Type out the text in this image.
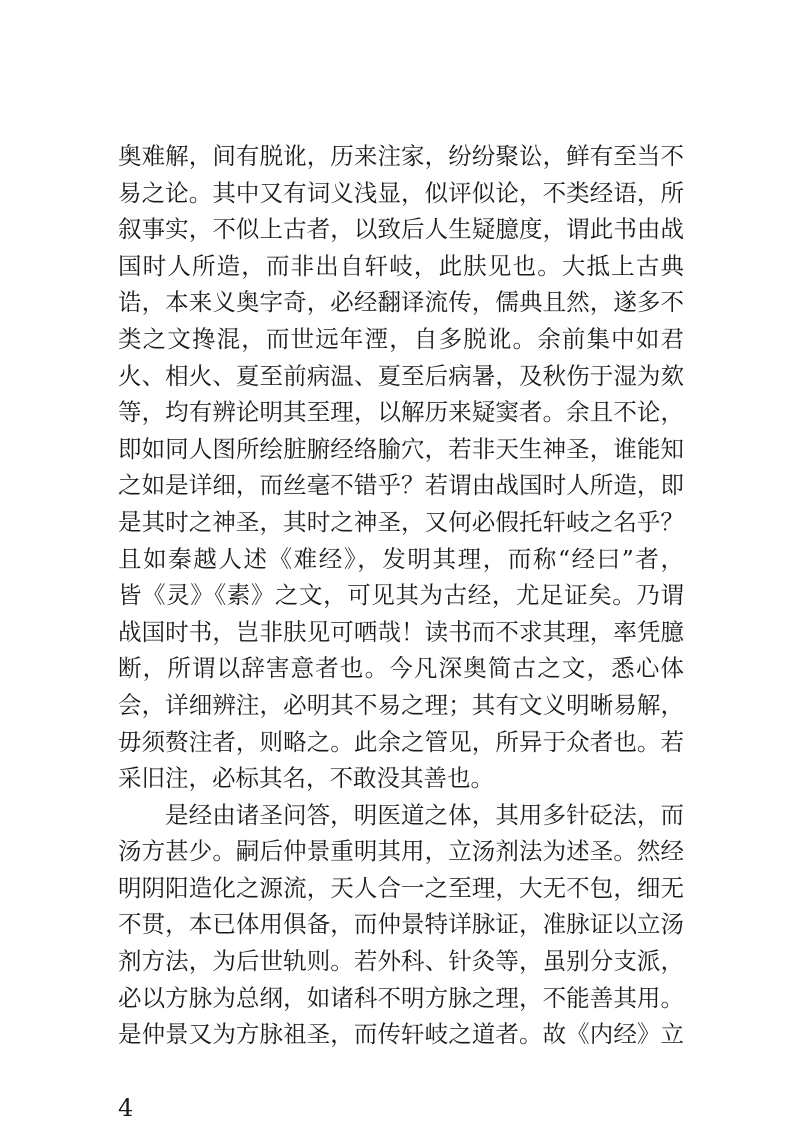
奥难解，间有脱讹，历来注家，纷纷聚讼，鲜有至当不
易之论。其中又有词义浅显，似评似论，不类经语，所
叙事实，不似上古者，以致后人生疑臆度，谓此书由战
国时人所造，而非出自轩岐，此肤见也。大抵上古典
诰，本来义奥字奇，必经翻译流传，儒典且然，遂多不
类之文搀混，而世远年湮，自多脱讹。余前集中如君
火、相火、夏至前病温、夏至后病暑，及秋伤于湿为欬
等，均有辨论明其至理，以解历来疑窦者。余且不论，
即如同人图所绘脏腑经络腧穴，若非天生神圣，谁能知
之如是详细，而丝毫不错乎？若谓由战国时人所造，即
是其时之神圣，其时之神圣，又何必假托轩岐之名乎？
且如秦越人述《难经》，发明其理，而称“经曰”者，
皆《灵》《素》之文，可见其为古经，尤足证矣。乃谓
战国时书，岂非肤见可哂哉！读书而不求其理，率凭臆
断，所谓以辞害意者也。今凡深奥简古之文，悉心体
会，详细辨注，必明其不易之理；其有文义明晰易解，
毋须赘注者，则略之。此余之管见，所异于众者也。若
采旧注，必标其名，不敢没其善也。
是经由诸圣问答，明医道之体，其用多针砭法，而
汤方甚少。嗣后仲景重明其用，立汤剂法为述圣。然经
明阴阳造化之源流，天人合一之至理，大无不包，细无
不贯，本已体用俱备，而仲景特详脉证，准脉证以立汤
剂方法，为后世轨则。若外科、针灸等，虽别分支派，
必以方脉为总纲，如诸科不明方脉之理，不能善其用。
是仲景又为方脉祖圣，而传轩岐之道者。故《内经》立
4
